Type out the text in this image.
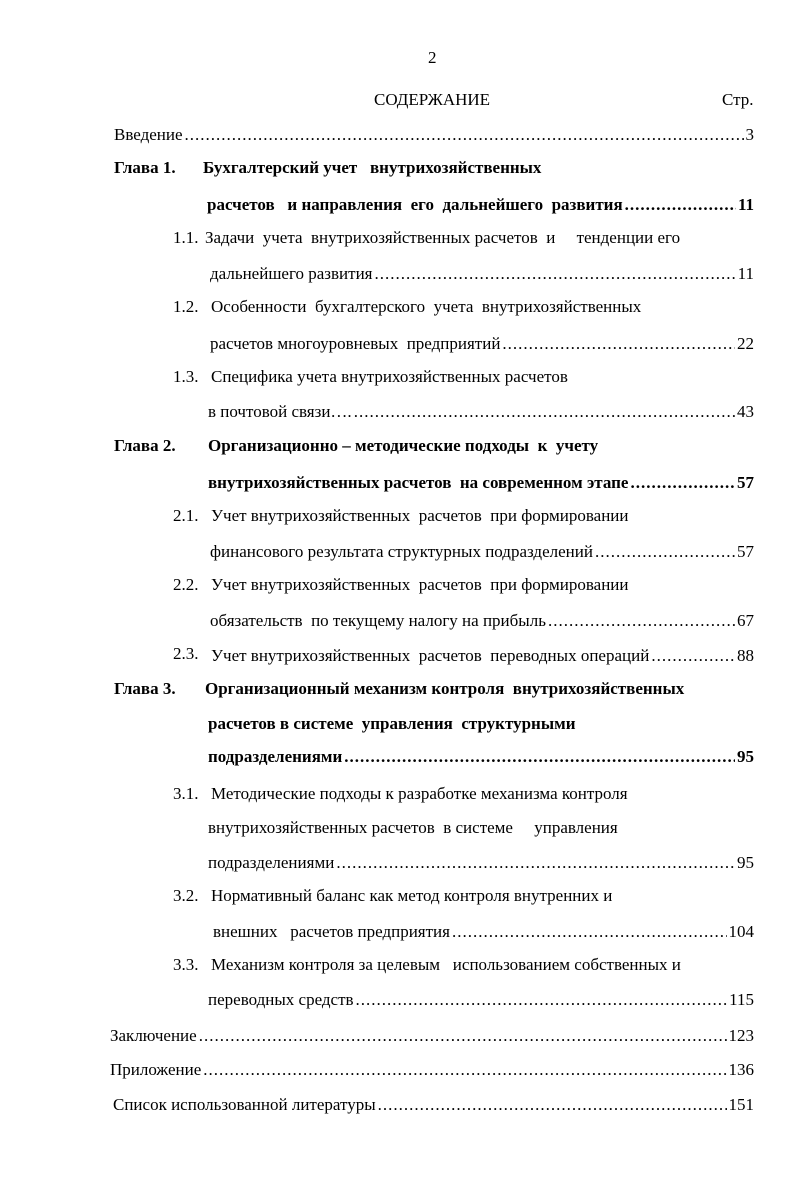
2
СОДЕРЖАНИЕ	Стр.
Введение .....	3
Глава 1. Бухгалтерский учет   внутрихозяйственных
расчетов   и направления  его  дальнейшего  развития .....	11
1.1. Задачи  учета  внутрихозяйственных расчетов  и     тенденции его
дальнейшего развития .....	11
1.2. Особенности  бухгалтерского  учета  внутрихозяйственных
расчетов многоуровневых  предприятий .....	22
1.3. Специфика учета внутрихозяйственных расчетов
в почтовой связи…. .....	43
Глава 2. Организационно – методические подходы  к  учету
внутрихозяйственных расчетов  на современном этапе .....	57
2.1. Учет внутрихозяйственных  расчетов  при формировании
финансового результата структурных подразделений .....	57
2.2. Учет внутрихозяйственных  расчетов  при формировании
обязательств  по текущему налогу на прибыль .....	67
2.3. Учет внутрихозяйственных  расчетов  переводных операций .....	88
Глава 3. Организационный механизм контроля  внутрихозяйственных
расчетов в системе  управления  структурными
подразделениями .....	95
3.1. Методические подходы к разработке механизма контроля
внутрихозяйственных расчетов  в системе     управления
подразделениями .....	95
3.2. Нормативный баланс как метод контроля внутренних и
внешних   расчетов предприятия .....	104
3.3. Механизм контроля за целевым   использованием собственных и
переводных средств .....	115
Заключение .....	123
Приложение .....	136
Список использованной литературы .....	151
